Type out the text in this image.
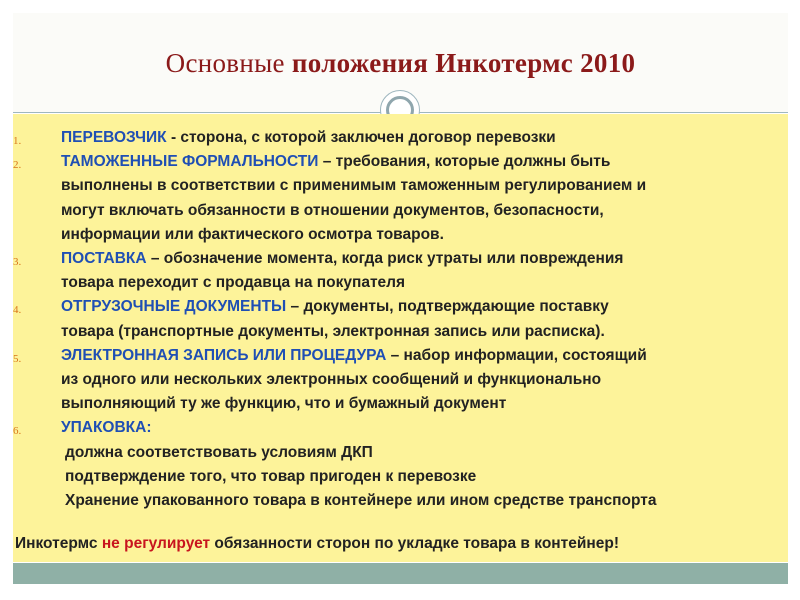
Основные положения Инкотермс 2010
1.	ПЕРЕВОЗЧИК - сторона, с которой заключен договор перевозки
2.	ТАМОЖЕННЫЕ ФОРМАЛЬНОСТИ – требования, которые должны быть
выполнены в соответствии с применимым таможенным регулированием и
могут включать обязанности в отношении документов, безопасности,
информации или фактического осмотра товаров.
3.	ПОСТАВКА – обозначение момента, когда риск утраты или повреждения
товара переходит с продавца на покупателя
4.	ОТГРУЗОЧНЫЕ ДОКУМЕНТЫ – документы, подтверждающие поставку
товара (транспортные документы, электронная запись или расписка).
5.	ЭЛЕКТРОННАЯ ЗАПИСЬ ИЛИ ПРОЦЕДУРА – набор информации, состоящий
из одного или нескольких электронных сообщений и функционально
выполняющий ту же функцию, что и бумажный документ
6.	УПАКОВКА:
должна соответствовать условиям ДКП
подтверждение того, что товар пригоден к перевозке
Хранение упакованного товара в контейнере или ином средстве транспорта
Инкотермс не регулирует обязанности сторон по укладке товара в контейнер!
